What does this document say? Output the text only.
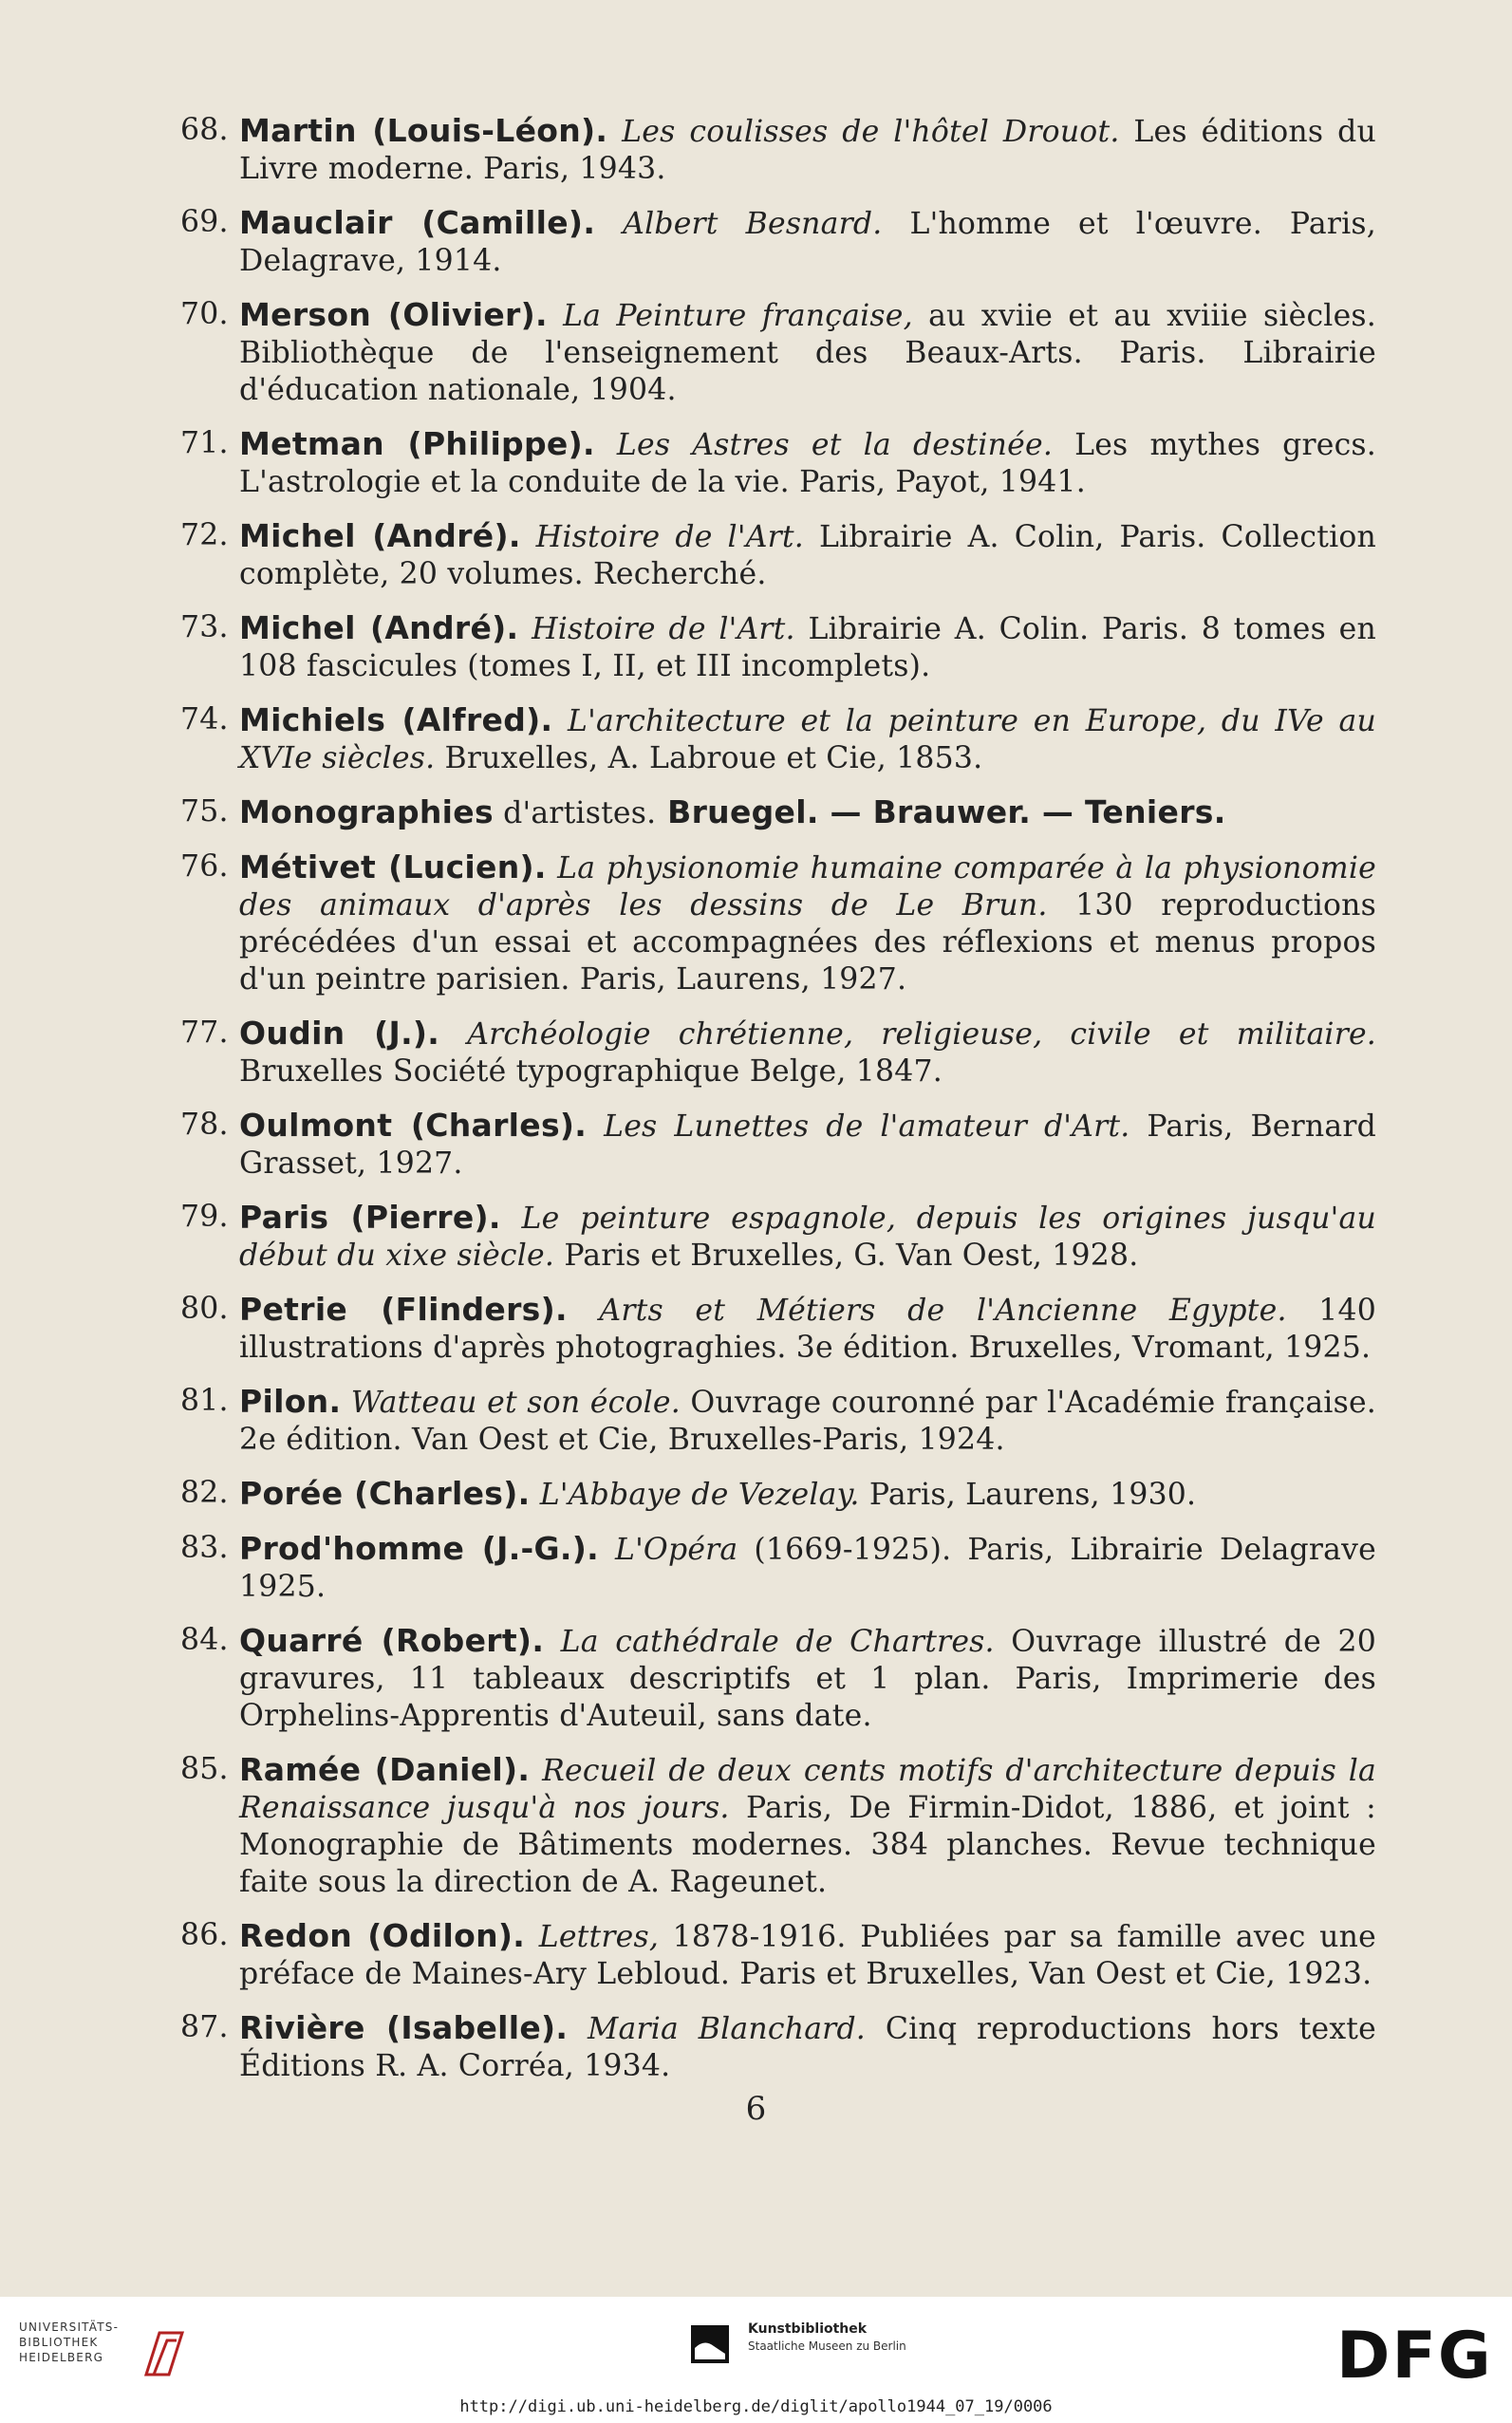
68. Martin (Louis-Léon). Les coulisses de l'hôtel Drouot. Les éditions du Livre moderne. Paris, 1943.
69. Mauclair (Camille). Albert Besnard. L'homme et l'œuvre. Paris, Delagrave, 1914.
70. Merson (Olivier). La Peinture française, au xviie et au xviiie siècles. Bibliothèque de l'enseignement des Beaux-Arts. Paris. Librairie d'éducation nationale, 1904.
71. Metman (Philippe). Les Astres et la destinée. Les mythes grecs. L'astrologie et la conduite de la vie. Paris, Payot, 1941.
72. Michel (André). Histoire de l'Art. Librairie A. Colin, Paris. Collection complète, 20 volumes. Recherché.
73. Michel (André). Histoire de l'Art. Librairie A. Colin. Paris. 8 tomes en 108 fascicules (tomes I, II, et III incomplets).
74. Michiels (Alfred). L'architecture et la peinture en Europe, du IVe au XVIe siècles. Bruxelles, A. Labroue et Cie, 1853.
75. Monographies d'artistes. Bruegel. — Brauwer. — Teniers.
76. Métivet (Lucien). La physionomie humaine comparée à la physionomie des animaux d'après les dessins de Le Brun. 130 reproductions précédées d'un essai et accompagnées des réflexions et menus propos d'un peintre parisien. Paris, Laurens, 1927.
77. Oudin (J.). Archéologie chrétienne, religieuse, civile et militaire. Bruxelles Société typographique Belge, 1847.
78. Oulmont (Charles). Les Lunettes de l'amateur d'Art. Paris, Bernard Grasset, 1927.
79. Paris (Pierre). Le peinture espagnole, depuis les origines jusqu'au début du xixe siècle. Paris et Bruxelles, G. Van Oest, 1928.
80. Petrie (Flinders). Arts et Métiers de l'Ancienne Egypte. 140 illustrations d'après photograghies. 3e édition. Bruxelles, Vromant, 1925.
81. Pilon. Watteau et son école. Ouvrage couronné par l'Académie française. 2e édition. Van Oest et Cie, Bruxelles-Paris, 1924.
82. Porée (Charles). L'Abbaye de Vezelay. Paris, Laurens, 1930.
83. Prod'homme (J.-G.). L'Opéra (1669-1925). Paris, Librairie Delagrave 1925.
84. Quarré (Robert). La cathédrale de Chartres. Ouvrage illustré de 20 gravures, 11 tableaux descriptifs et 1 plan. Paris, Imprimerie des Orphelins-Apprentis d'Auteuil, sans date.
85. Ramée (Daniel). Recueil de deux cents motifs d'architecture depuis la Renaissance jusqu'à nos jours. Paris, De Firmin-Didot, 1886, et joint : Monographie de Bâtiments modernes. 384 planches. Revue technique faite sous la direction de A. Rageunet.
86. Redon (Odilon). Lettres, 1878-1916. Publiées par sa famille avec une préface de Maines-Ary Lebloud. Paris et Bruxelles, Van Oest et Cie, 1923.
87. Rivière (Isabelle). Maria Blanchard. Cinq reproductions hors texte Éditions R. A. Corréa, 1934.
6
UNIVERSITÄTS-
BIBLIOTHEK
HEIDELBERG
Kunstbibliothek
Staatliche Museen zu Berlin	DFG
http://digi.ub.uni-heidelberg.de/diglit/apollo1944_07_19/0006
